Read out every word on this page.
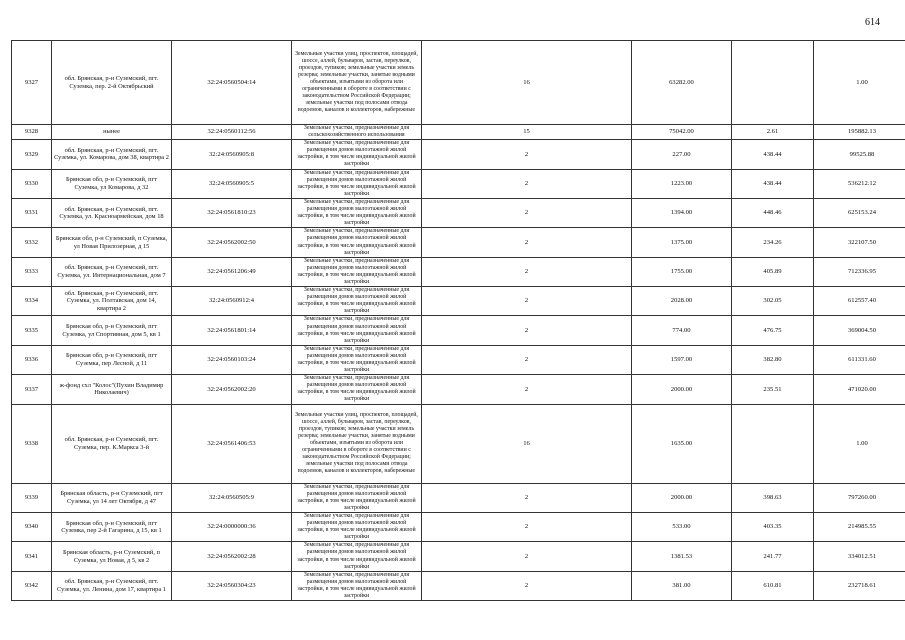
614
9327	обл. Брянская, р-н Суземский, пгт. Суземка, пер. 2-й Октябрьский	32:24:0560504:14	Земельные участки улиц, проспектов, площадей, шоссе, аллей, бульваров, застав, переулков, проездов, тупиков; земельные участки земель резерва; земельные участки, занятые водными объектами, изъятыми из оборота или ограниченными в обороте в соответствии с законодательством Российской Федерации; земельные участки под полосами отвода водоемов, каналов и коллекторов, набережные	16	63282.00		1.00
9328	нынее	32:24:0560112:56	Земельные участки, предназначенные для сельскохозяйственного использования	15	75042.00	2.61	195882.13
9329	обл. Брянская, р-н Суземский, пгт. Суземка, ул. Комарова, дом 38, квартира 2	32:24:0560905:8	Земельные участки, предназначенные для размещения домов малоэтажной жилой застройки, в том числе индивидуальной жилой застройки	2	227.00	438.44	99525.88
9330	Брянская обл, р-н Суземский, пгт Суземка, ул Комарова, д 32	32:24:0560905:5	Земельные участки, предназначенные для размещения домов малоэтажной жилой застройки, в том числе индивидуальной жилой застройки	2	1223.00	438.44	536212.12
9331	обл. Брянская, р-н Суземский, пгт. Суземка, ул. Красноармейская, дом 18	32:24:0561810:23	Земельные участки, предназначенные для размещения домов малоэтажной жилой застройки, в том числе индивидуальной жилой застройки	2	1394.00	448.46	625153.24
9332	Брянская обл, р-н Суземский, п Суземка, ул Новая Прилозерная, д 15	32:24:0562002:50	Земельные участки, предназначенные для размещения домов малоэтажной жилой застройки, в том числе индивидуальной жилой застройки	2	1375.00	234.26	322107.50
9333	обл. Брянская, р-н Суземский, пгт. Суземка, ул. Интернациональная, дом 7	32:24:0561206:49	Земельные участки, предназначенные для размещения домов малоэтажной жилой застройки, в том числе индивидуальной жилой застройки	2	1755.00	405.89	712336.95
9334	обл. Брянская, р-н Суземский, пгт. Суземка, ул. Полтавская, дом 14, квартира 2	32:24:0560912:4	Земельные участки, предназначенные для размещения домов малоэтажной жилой застройки, в том числе индивидуальной жилой застройки	2	2028.00	302.05	612557.40
9335	Брянская обл, р-н Суземский, пгт Суземка, ул Спортивная, дом 5, кв 1	32:24:0561801:14	Земельные участки, предназначенные для размещения домов малоэтажной жилой застройки, в том числе индивидуальной жилой застройки	2	774.00	476.75	369004.50
9336	Брянская обл, р-н Суземский, пгт Суземка, пер Лесной, д 11	32:24:0560103:24	Земельные участки, предназначенные для размещения домов малоэтажной жилой застройки, в том числе индивидуальной жилой застройки	2	1597.00	382.80	611331.60
9337	ж-фонд схл "Колос"(Пухин Владимир Николаевич)	32:24:0562002:20	Земельные участки, предназначенные для размещения домов малоэтажной жилой застройки, в том числе индивидуальной жилой застройки	2	2000.00	235.51	471020.00
9338	обл. Брянская, р-н Суземский, пгт. Суземка, пер. К.Маркса 3-й	32:24:0561406:53	Земельные участки улиц, проспектов, площадей, шоссе, аллей, бульваров, застав, переулков, проездов, тупиков; земельные участки земель резерва; земельные участки, занятые водными объектами, изъятыми из оборота или ограниченными в обороте в соответствии с законодательством Российской Федерации; земельные участки под полосами отвода водоемов, каналов и коллекторов, набережные	16	1635.00		1.00
9339	Брянская область, р-н Суземский, пгт Суземка, ул 14 лет Октября, д 47	32:24:0560505:9	Земельные участки, предназначенные для размещения домов малоэтажной жилой застройки, в том числе индивидуальной жилой застройки	2	2000.00	398.63	797260.00
9340	Брянская обл, р-н Суземский, пгт Суземка, пер 2-й Гагарина, д 15, кв 1	32:24:0000000:36	Земельные участки, предназначенные для размещения домов малоэтажной жилой застройки, в том числе индивидуальной жилой застройки	2	533.00	403.35	214985.55
9341	Брянская область, р-н Суземский, п Суземка, ул Новая, д 5, кв 2	32:24:0562002:28	Земельные участки, предназначенные для размещения домов малоэтажной жилой застройки, в том числе индивидуальной жилой застройки	2	1381.53	241.77	334012.51
9342	обл. Брянская, р-н Суземский, пгт. Суземка, ул. Ленина, дом 17, квартира 1	32:24:0560304:23	Земельные участки, предназначенные для размещения домов малоэтажной жилой застройки, в том числе индивидуальной жилой застройки	2	381.00	610.81	232718.61
